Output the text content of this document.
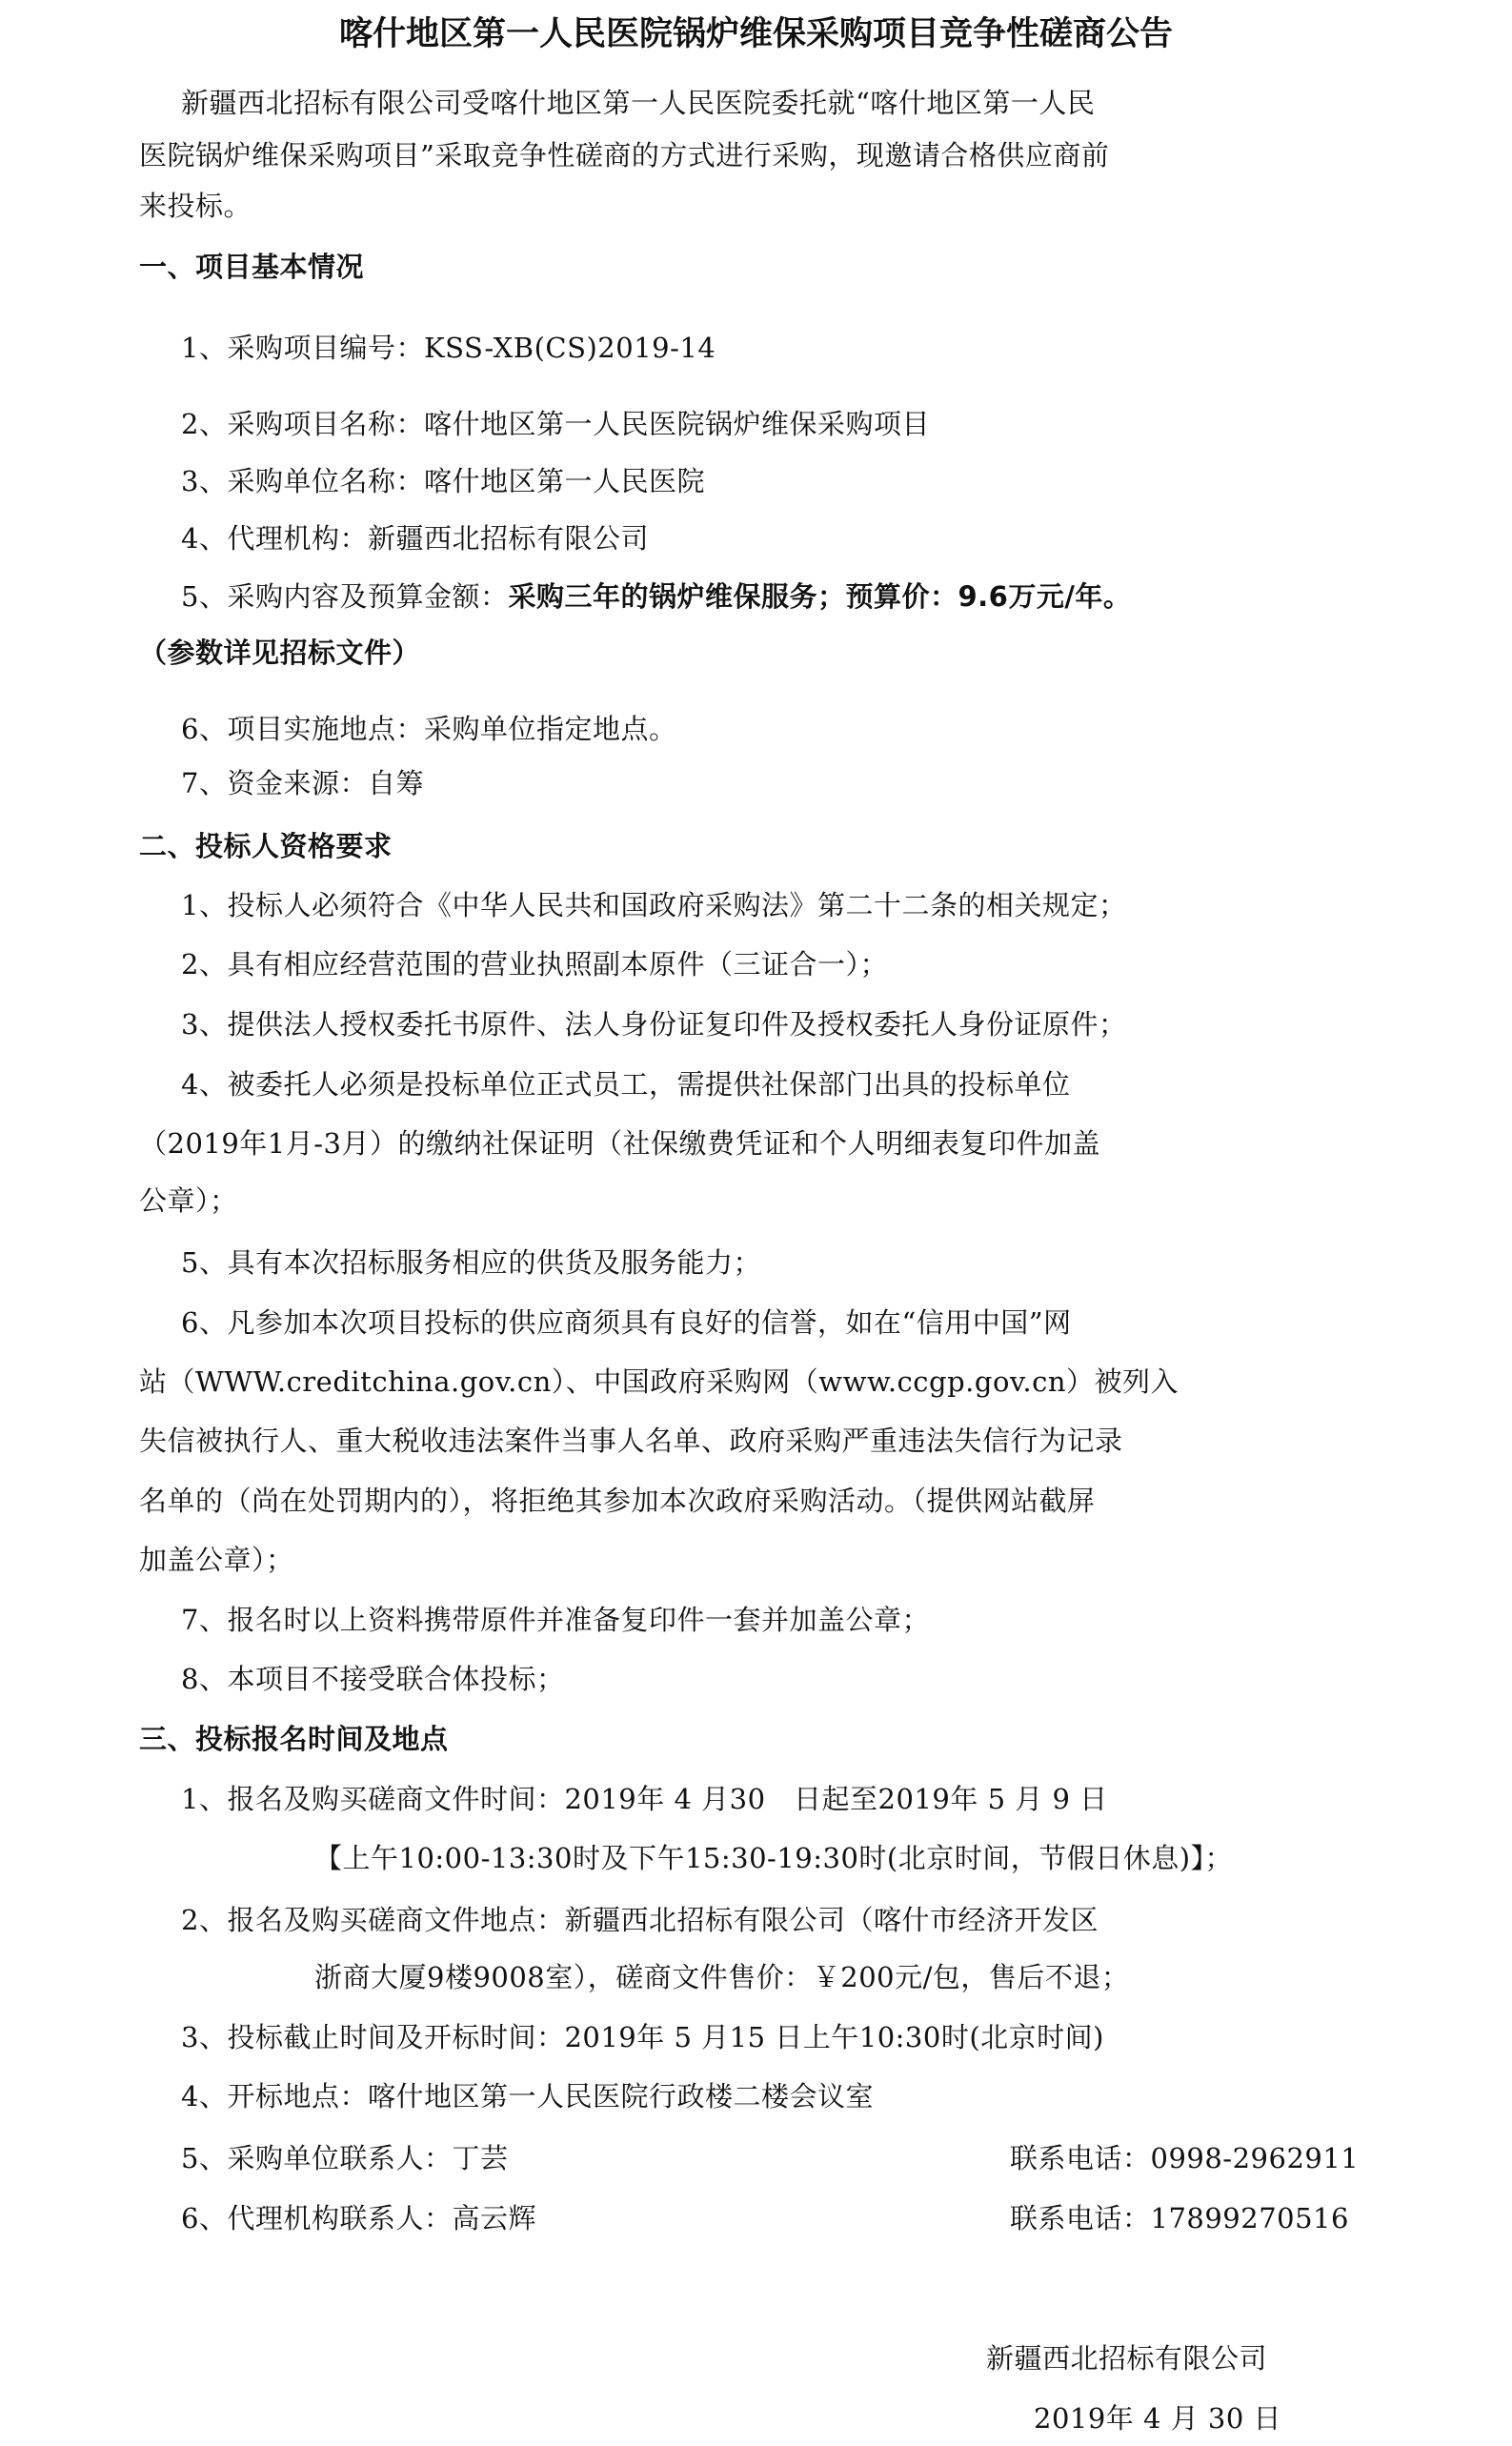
喀什地区第一人民医院锅炉维保采购项目竞争性磋商公告
新疆西北招标有限公司受喀什地区第一人民医院委托就“喀什地区第一人民
医院锅炉维保采购项目”采取竞争性磋商的方式进行采购，现邀请合格供应商前
来投标。
一、项目基本情况
1、采购项目编号：KSS-XB(CS)2019-14
2、采购项目名称：喀什地区第一人民医院锅炉维保采购项目
3、采购单位名称：喀什地区第一人民医院
4、代理机构：新疆西北招标有限公司
5、采购内容及预算金额：采购三年的锅炉维保服务；预算价：9.6万元/年。
（参数详见招标文件）
6、项目实施地点：采购单位指定地点。
7、资金来源：自筹
二、投标人资格要求
1、投标人必须符合《中华人民共和国政府采购法》第二十二条的相关规定；
2、具有相应经营范围的营业执照副本原件（三证合一）；
3、提供法人授权委托书原件、法人身份证复印件及授权委托人身份证原件；
4、被委托人必须是投标单位正式员工，需提供社保部门出具的投标单位
（2019年1月-3月）的缴纳社保证明（社保缴费凭证和个人明细表复印件加盖
公章）；
5、具有本次招标服务相应的供货及服务能力；
6、凡参加本次项目投标的供应商须具有良好的信誉，如在“信用中国”网
站（WWW.creditchina.gov.cn）、中国政府采购网（www.ccgp.gov.cn）被列入
失信被执行人、重大税收违法案件当事人名单、政府采购严重违法失信行为记录
名单的（尚在处罚期内的），将拒绝其参加本次政府采购活动。（提供网站截屏
加盖公章）；
7、报名时以上资料携带原件并准备复印件一套并加盖公章；
8、本项目不接受联合体投标；
三、投标报名时间及地点
1、报名及购买磋商文件时间：2019年 4 月30　日起至2019年 5 月 9 日
【上午10:00-13:30时及下午15:30-19:30时(北京时间，节假日休息)】；
2、报名及购买磋商文件地点：新疆西北招标有限公司（喀什市经济开发区
浙商大厦9楼9008室），磋商文件售价：￥200元/包，售后不退；
3、投标截止时间及开标时间：2019年 5 月15 日上午10:30时(北京时间)
4、开标地点：喀什地区第一人民医院行政楼二楼会议室
5、采购单位联系人：丁芸	联系电话：0998-2962911
6、代理机构联系人：高云辉	联系电话：17899270516
新疆西北招标有限公司
2019年 4 月 30 日
